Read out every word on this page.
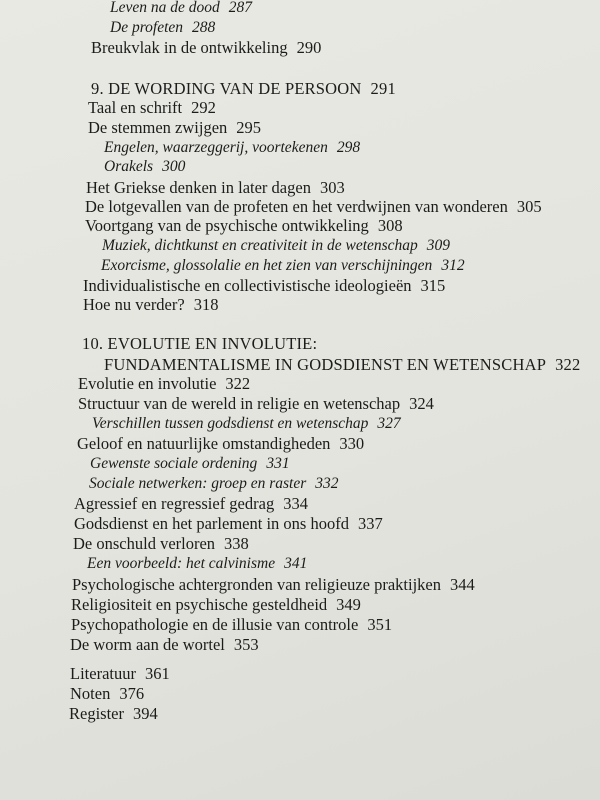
Leven na de dood 287
De profeten 288
Breukvlak in de ontwikkeling 290
9. DE WORDING VAN DE PERSOON 291
Taal en schrift 292
De stemmen zwijgen 295
Engelen, waarzeggerij, voortekenen 298
Orakels 300
Het Griekse denken in later dagen 303
De lotgevallen van de profeten en het verdwijnen van wonderen 305
Voortgang van de psychische ontwikkeling 308
Muziek, dichtkunst en creativiteit in de wetenschap 309
Exorcisme, glossolalie en het zien van verschijningen 312
Individualistische en collectivistische ideologieën 315
Hoe nu verder? 318
10. EVOLUTIE EN INVOLUTIE:
FUNDAMENTALISME IN GODSDIENST EN WETENSCHAP 322
Evolutie en involutie 322
Structuur van de wereld in religie en wetenschap 324
Verschillen tussen godsdienst en wetenschap 327
Geloof en natuurlijke omstandigheden 330
Gewenste sociale ordening 331
Sociale netwerken: groep en raster 332
Agressief en regressief gedrag 334
Godsdienst en het parlement in ons hoofd 337
De onschuld verloren 338
Een voorbeeld: het calvinisme 341
Psychologische achtergronden van religieuze praktijken 344
Religiositeit en psychische gesteldheid 349
Psychopathologie en de illusie van controle 351
De worm aan de wortel 353
Literatuur 361
Noten 376
Register 394
